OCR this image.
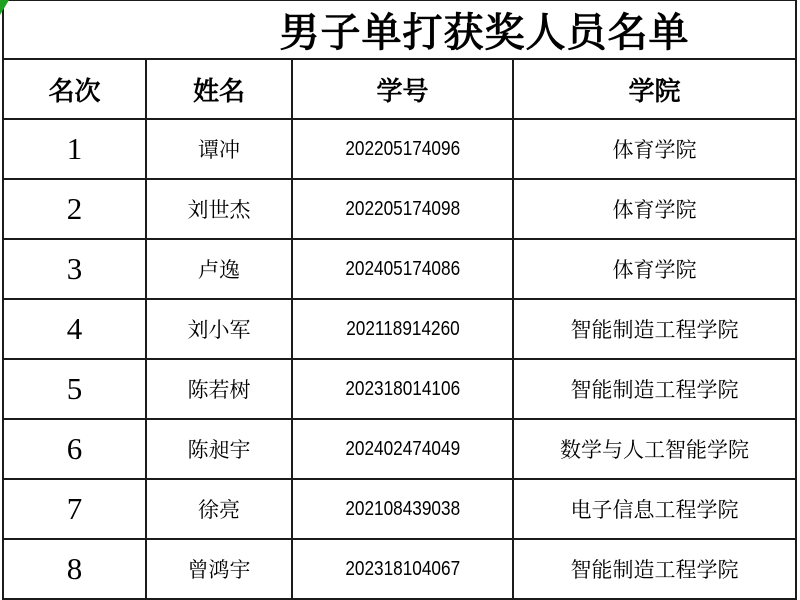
男子单打获奖人员名单			
名次	姓名	学号	学院
1	谭冲	202205174096	体育学院
2	刘世杰	202205174098	体育学院
3	卢逸	202405174086	体育学院
4	刘小军	202118914260	智能制造工程学院
5	陈若树	202318014106	智能制造工程学院
6	陈昶宇	202402474049	数学与人工智能学院
7	徐亮	202108439038	电子信息工程学院
8	曾鸿宇	202318104067	智能制造工程学院
